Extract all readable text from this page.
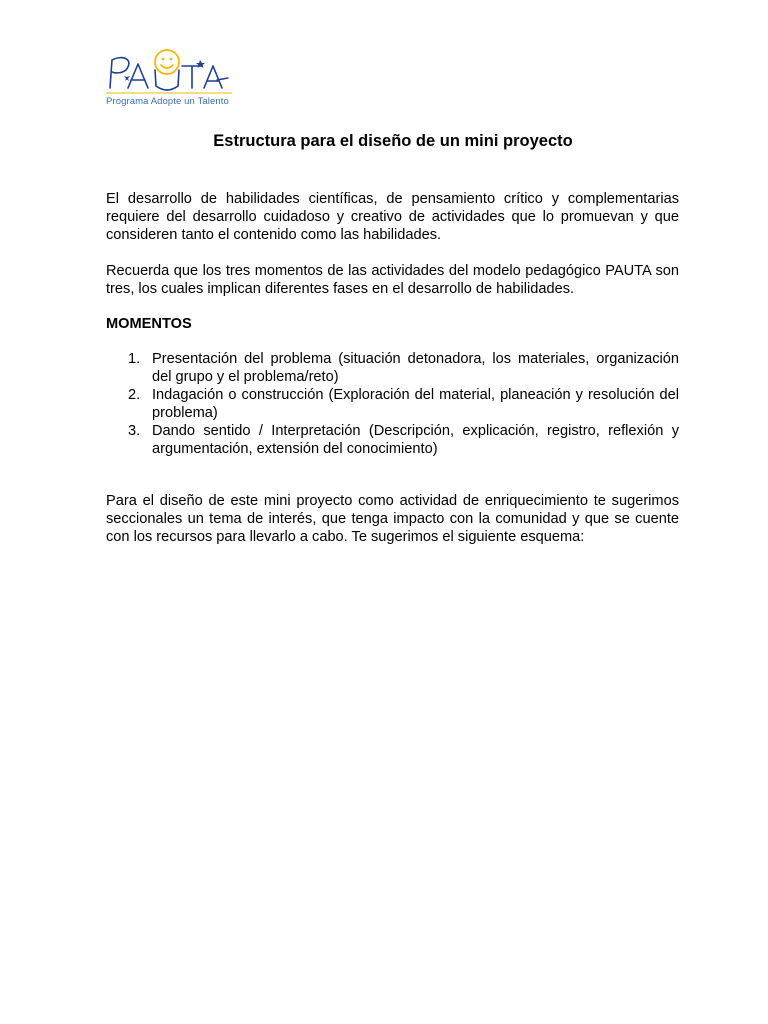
Programa Adopte un Talento
Estructura para el diseño de un mini proyecto

El desarrollo de habilidades científicas, de pensamiento crítico y complementarias requiere del desarrollo cuidadoso y creativo de actividades que lo promuevan y que consideren tanto el contenido como las habilidades.

Recuerda que los tres momentos de las actividades del modelo pedagógico PAUTA son tres, los cuales implican diferentes fases en el desarrollo de habilidades.

MOMENTOS
1. Presentación del problema (situación detonadora, los materiales, organización del grupo y el problema/reto)
2. Indagación o construcción (Exploración del material, planeación y resolución del problema)
3. Dando sentido / Interpretación (Descripción, explicación, registro, reflexión y argumentación, extensión del conocimiento)

Para el diseño de este mini proyecto como actividad de enriquecimiento te sugerimos seccionales un tema de interés, que tenga impacto con la comunidad y que se cuente con los recursos para llevarlo a cabo. Te sugerimos el siguiente esquema:
